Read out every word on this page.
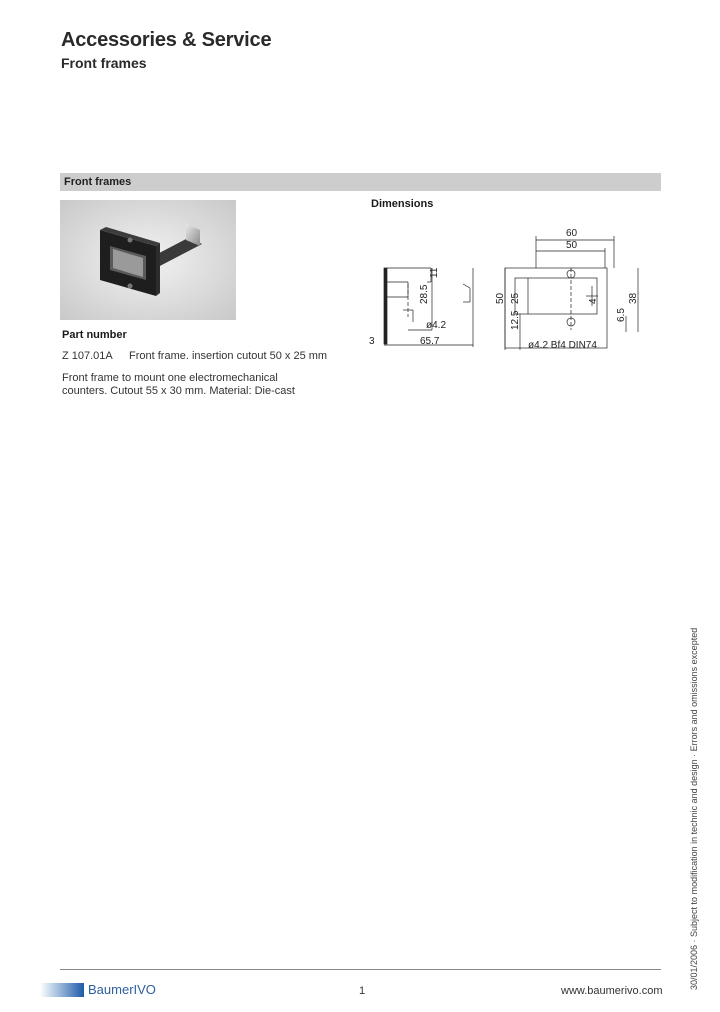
Accessories & Service
Front frames
Front frames
Part number
Z 107.01A Front frame. insertion cutout 50 x 25 mm
Front frame to mount one electromechanical
counters. Cutout 55 x 30 mm. Material: Die-cast
Dimensions
28.5
11
3	65.7
ø4.2
60
50
50
12.5
25	38
6.5
4
ø4.2 Bf4 DIN74
BaumerIVO	1	www.baumerivo.com
30/01/2006 · Subject to modification in technic and design · Errors and omissions excepted
